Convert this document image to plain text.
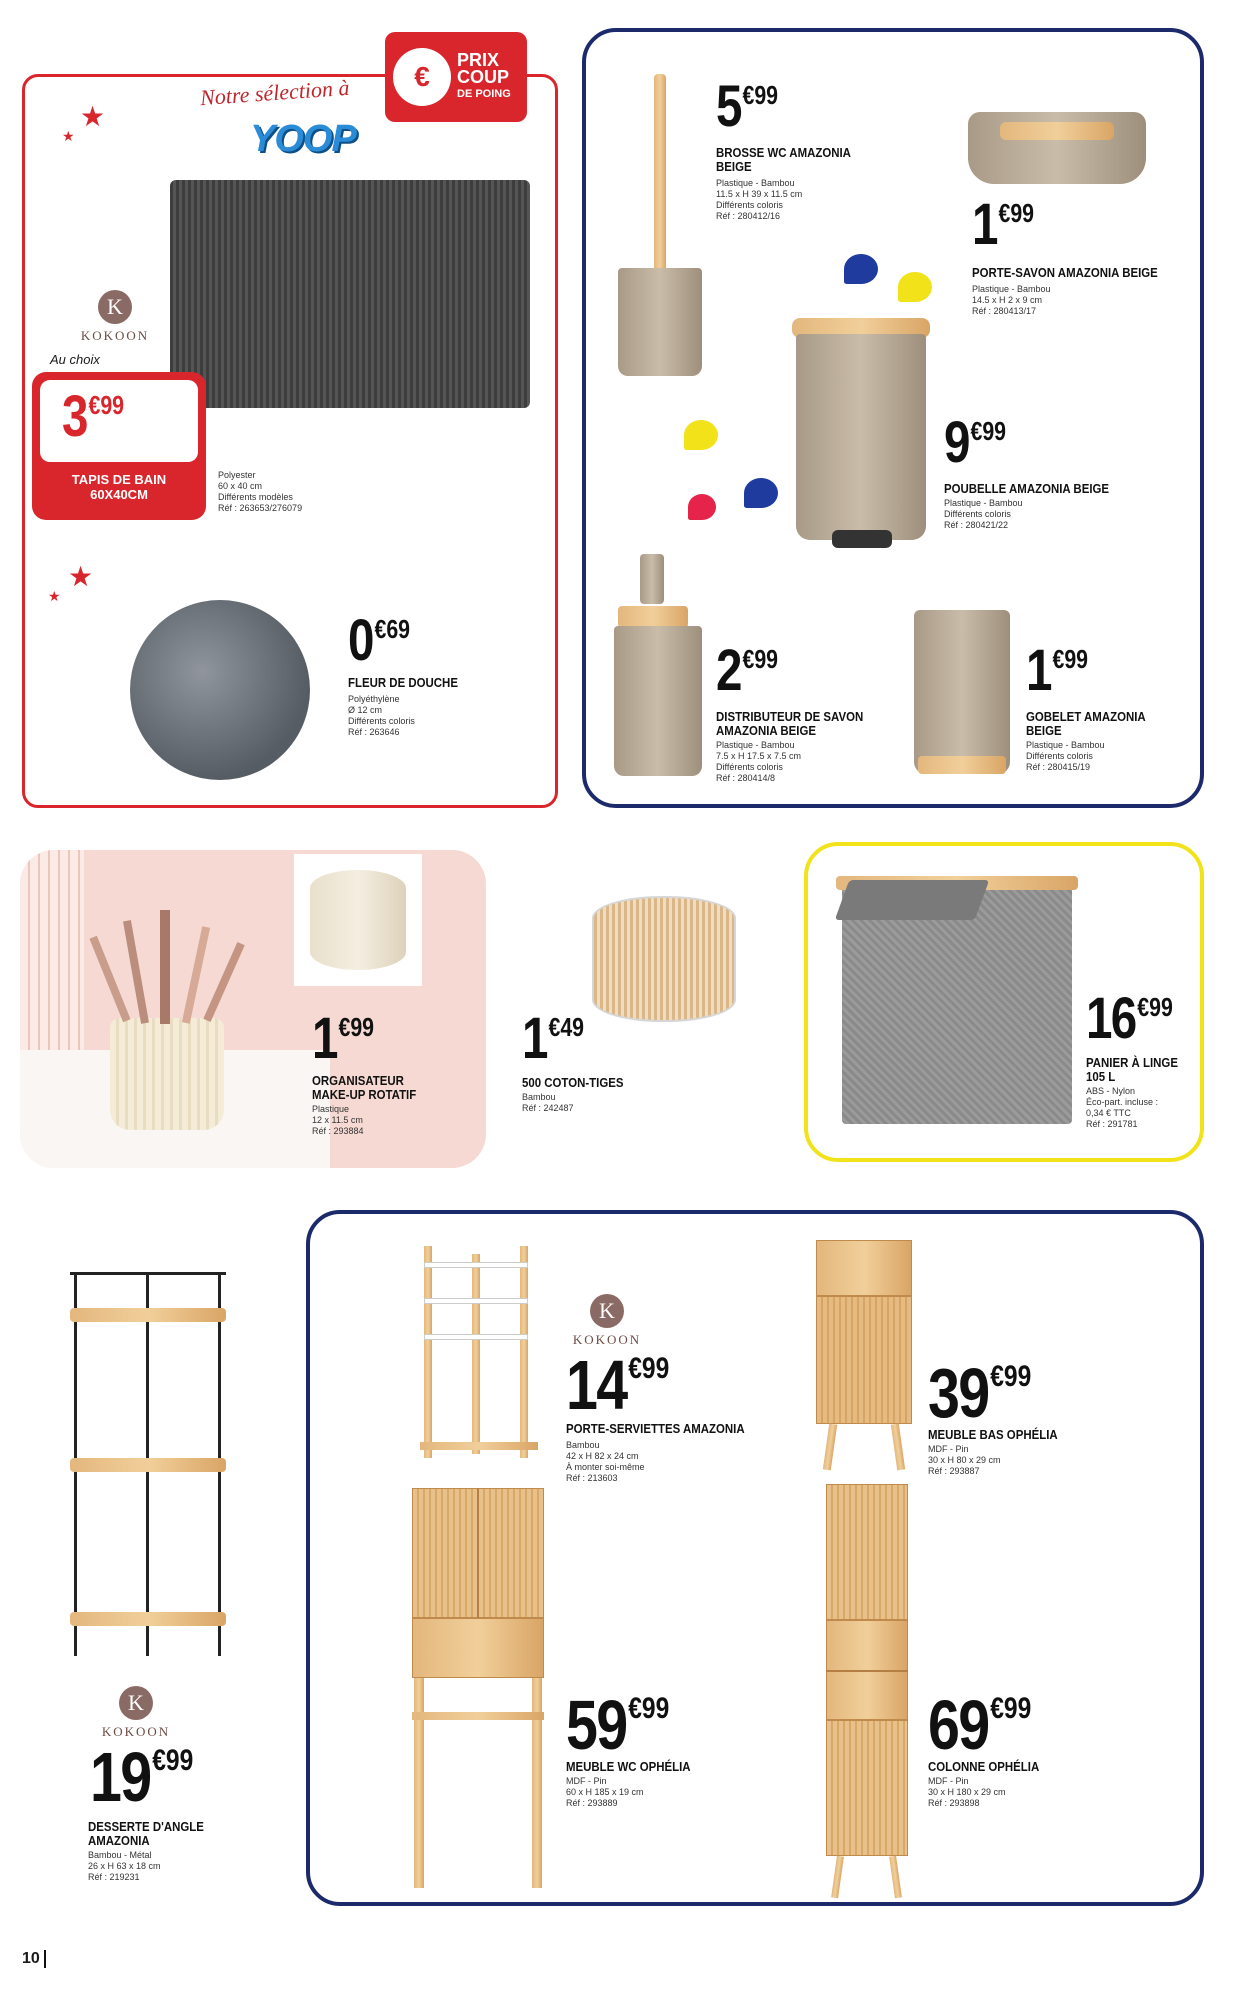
Notre sélection à
YOOP
€
PRIX
COUP
DE POING
★
★
★
★
K
KOKOON
Au choix
3 €99
TAPIS DE BAIN 60X40CM
Polyester
60 x 40 cm
Différents modèles
Réf : 263653/276079
0 €69
FLEUR DE DOUCHE
Polyéthylène
Ø 12 cm
Différents coloris
Réf : 263646
5 €99
BROSSE WC AMAZONIA BEIGE
Plastique - Bambou
11.5 x H 39 x 11.5 cm
Différents coloris
Réf : 280412/16	1 €99
PORTE-SAVON AMAZONIA BEIGE
Plastique - Bambou
14.5 x H 2 x 9 cm
Réf : 280413/17
9 €99
POUBELLE AMAZONIA BEIGE
Plastique - Bambou
Différents coloris
Réf : 280421/22
2 €99
DISTRIBUTEUR DE SAVON AMAZONIA BEIGE
Plastique - Bambou
7.5 x H 17.5 x 7.5 cm
Différents coloris
Réf : 280414/8
1 €99
GOBELET AMAZONIA BEIGE
Plastique - Bambou
Différents coloris
Réf : 280415/19
1 €99
ORGANISATEUR MAKE-UP ROTATIF
Plastique
12 x 11.5 cm
Réf : 293884
1 €49
500 COTON-TIGES
Bambou
Réf : 242487
16 €99
PANIER À LINGE 105 L
ABS - Nylon
Éco-part. incluse :
0,34 € TTC
Réf : 291781
K
KOKOON
19 €99
DESSERTE D'ANGLE AMAZONIA
Bambou - Métal
26 x H 63 x 18 cm
Réf : 219231
K
KOKOON
14 €99
PORTE-SERVIETTES AMAZONIA
Bambou
42 x H 82 x 24 cm
À monter soi-même
Réf : 213603
39 €99
MEUBLE BAS OPHÉLIA
MDF - Pin
30 x H 80 x 29 cm
Réf : 293887
59 €99
MEUBLE WC OPHÉLIA
MDF - Pin
60 x H 185 x 19 cm
Réf : 293889
69 €99
COLONNE OPHÉLIA
MDF - Pin
30 x H 180 x 29 cm
Réf : 293898
10
